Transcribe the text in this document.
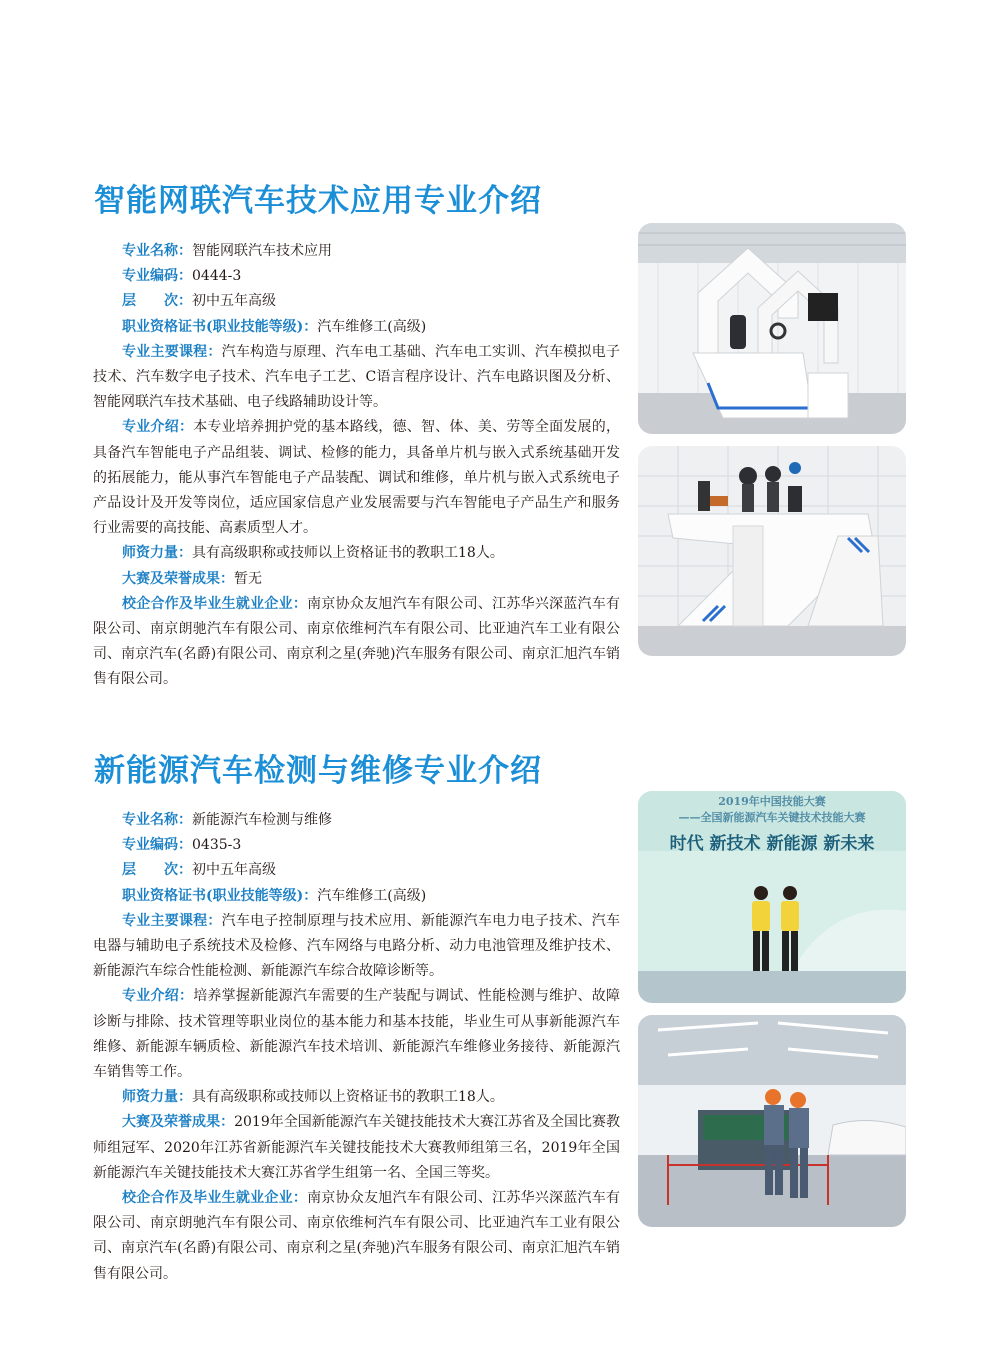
智能网联汽车技术应用专业介绍

专业名称：智能网联汽车技术应用

专业编码：0444-3

层　　次：初中五年高级

职业资格证书(职业技能等级)：汽车维修工(高级)

专业主要课程：汽车构造与原理、汽车电工基础、汽车电工实训、汽车模拟电子技术、汽车数字电子技术、汽车电子工艺、C语言程序设计、汽车电路识图及分析、智能网联汽车技术基础、电子线路辅助设计等。

专业介绍：本专业培养拥护党的基本路线，德、智、体、美、劳等全面发展的，具备汽车智能电子产品组装、调试、检修的能力，具备单片机与嵌入式系统基础开发的拓展能力，能从事汽车智能电子产品装配、调试和维修，单片机与嵌入式系统电子产品设计及开发等岗位，适应国家信息产业发展需要与汽车智能电子产品生产和服务行业需要的高技能、高素质型人才。

师资力量：具有高级职称或技师以上资格证书的教职工18人。

大赛及荣誉成果：暂无

校企合作及毕业生就业企业：南京协众友旭汽车有限公司、江苏华兴深蓝汽车有限公司、南京朗驰汽车有限公司、南京依维柯汽车有限公司、比亚迪汽车工业有限公司、南京汽车(名爵)有限公司、南京利之星(奔驰)汽车服务有限公司、南京汇旭汽车销售有限公司。

新能源汽车检测与维修专业介绍

专业名称：新能源汽车检测与维修

专业编码：0435-3

层　　次：初中五年高级

职业资格证书(职业技能等级)：汽车维修工(高级)

专业主要课程：汽车电子控制原理与技术应用、新能源汽车电力电子技术、汽车电器与辅助电子系统技术及检修、汽车网络与电路分析、动力电池管理及维护技术、新能源汽车综合性能检测、新能源汽车综合故障诊断等。

专业介绍：培养掌握新能源汽车需要的生产装配与调试、性能检测与维护、故障诊断与排除、技术管理等职业岗位的基本能力和基本技能，毕业生可从事新能源汽车维修、新能源车辆质检、新能源汽车技术培训、新能源汽车维修业务接待、新能源汽车销售等工作。

师资力量：具有高级职称或技师以上资格证书的教职工18人。

大赛及荣誉成果：2019年全国新能源汽车关键技能技术大赛江苏省及全国比赛教师组冠军、2020年江苏省新能源汽车关键技能技术大赛教师组第三名，2019年全国新能源汽车关键技能技术大赛江苏省学生组第一名、全国三等奖。

校企合作及毕业生就业企业：南京协众友旭汽车有限公司、江苏华兴深蓝汽车有限公司、南京朗驰汽车有限公司、南京依维柯汽车有限公司、比亚迪汽车工业有限公司、南京汽车(名爵)有限公司、南京利之星(奔驰)汽车服务有限公司、南京汇旭汽车销售有限公司。

2019年中国技能大赛
——全国新能源汽车关键技术技能大赛
时代 新技术 新能源 新未来
